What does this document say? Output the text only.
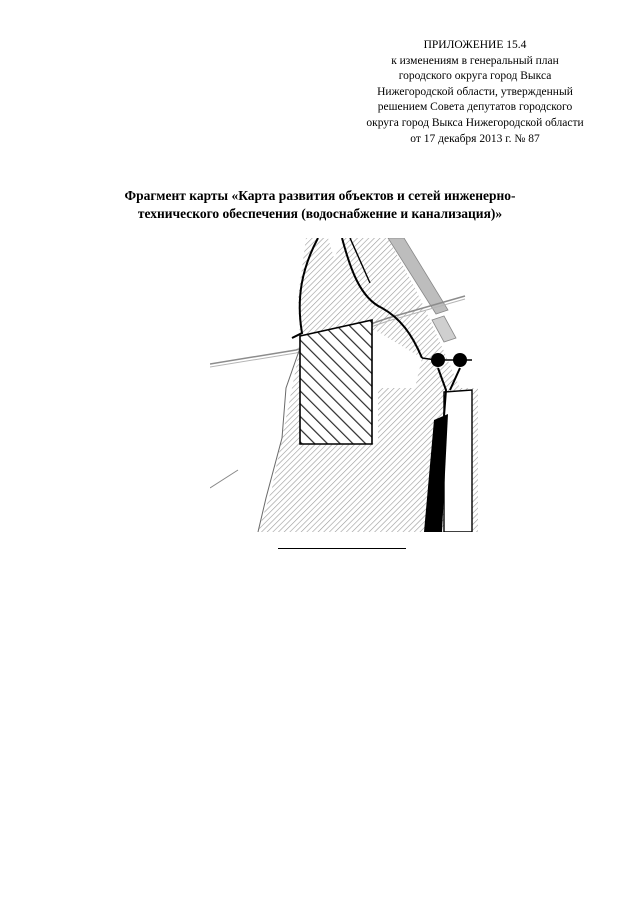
ПРИЛОЖЕНИЕ 15.4
к изменениям в генеральный план
городского округа город Выкса
Нижегородской области, утвержденный
решением Совета депутатов городского
округа город Выкса Нижегородской области
от 17 декабря 2013 г. № 87
Фрагмент карты «Карта развития объектов и сетей инженерно-
технического обеспечения (водоснабжение и канализация)»
